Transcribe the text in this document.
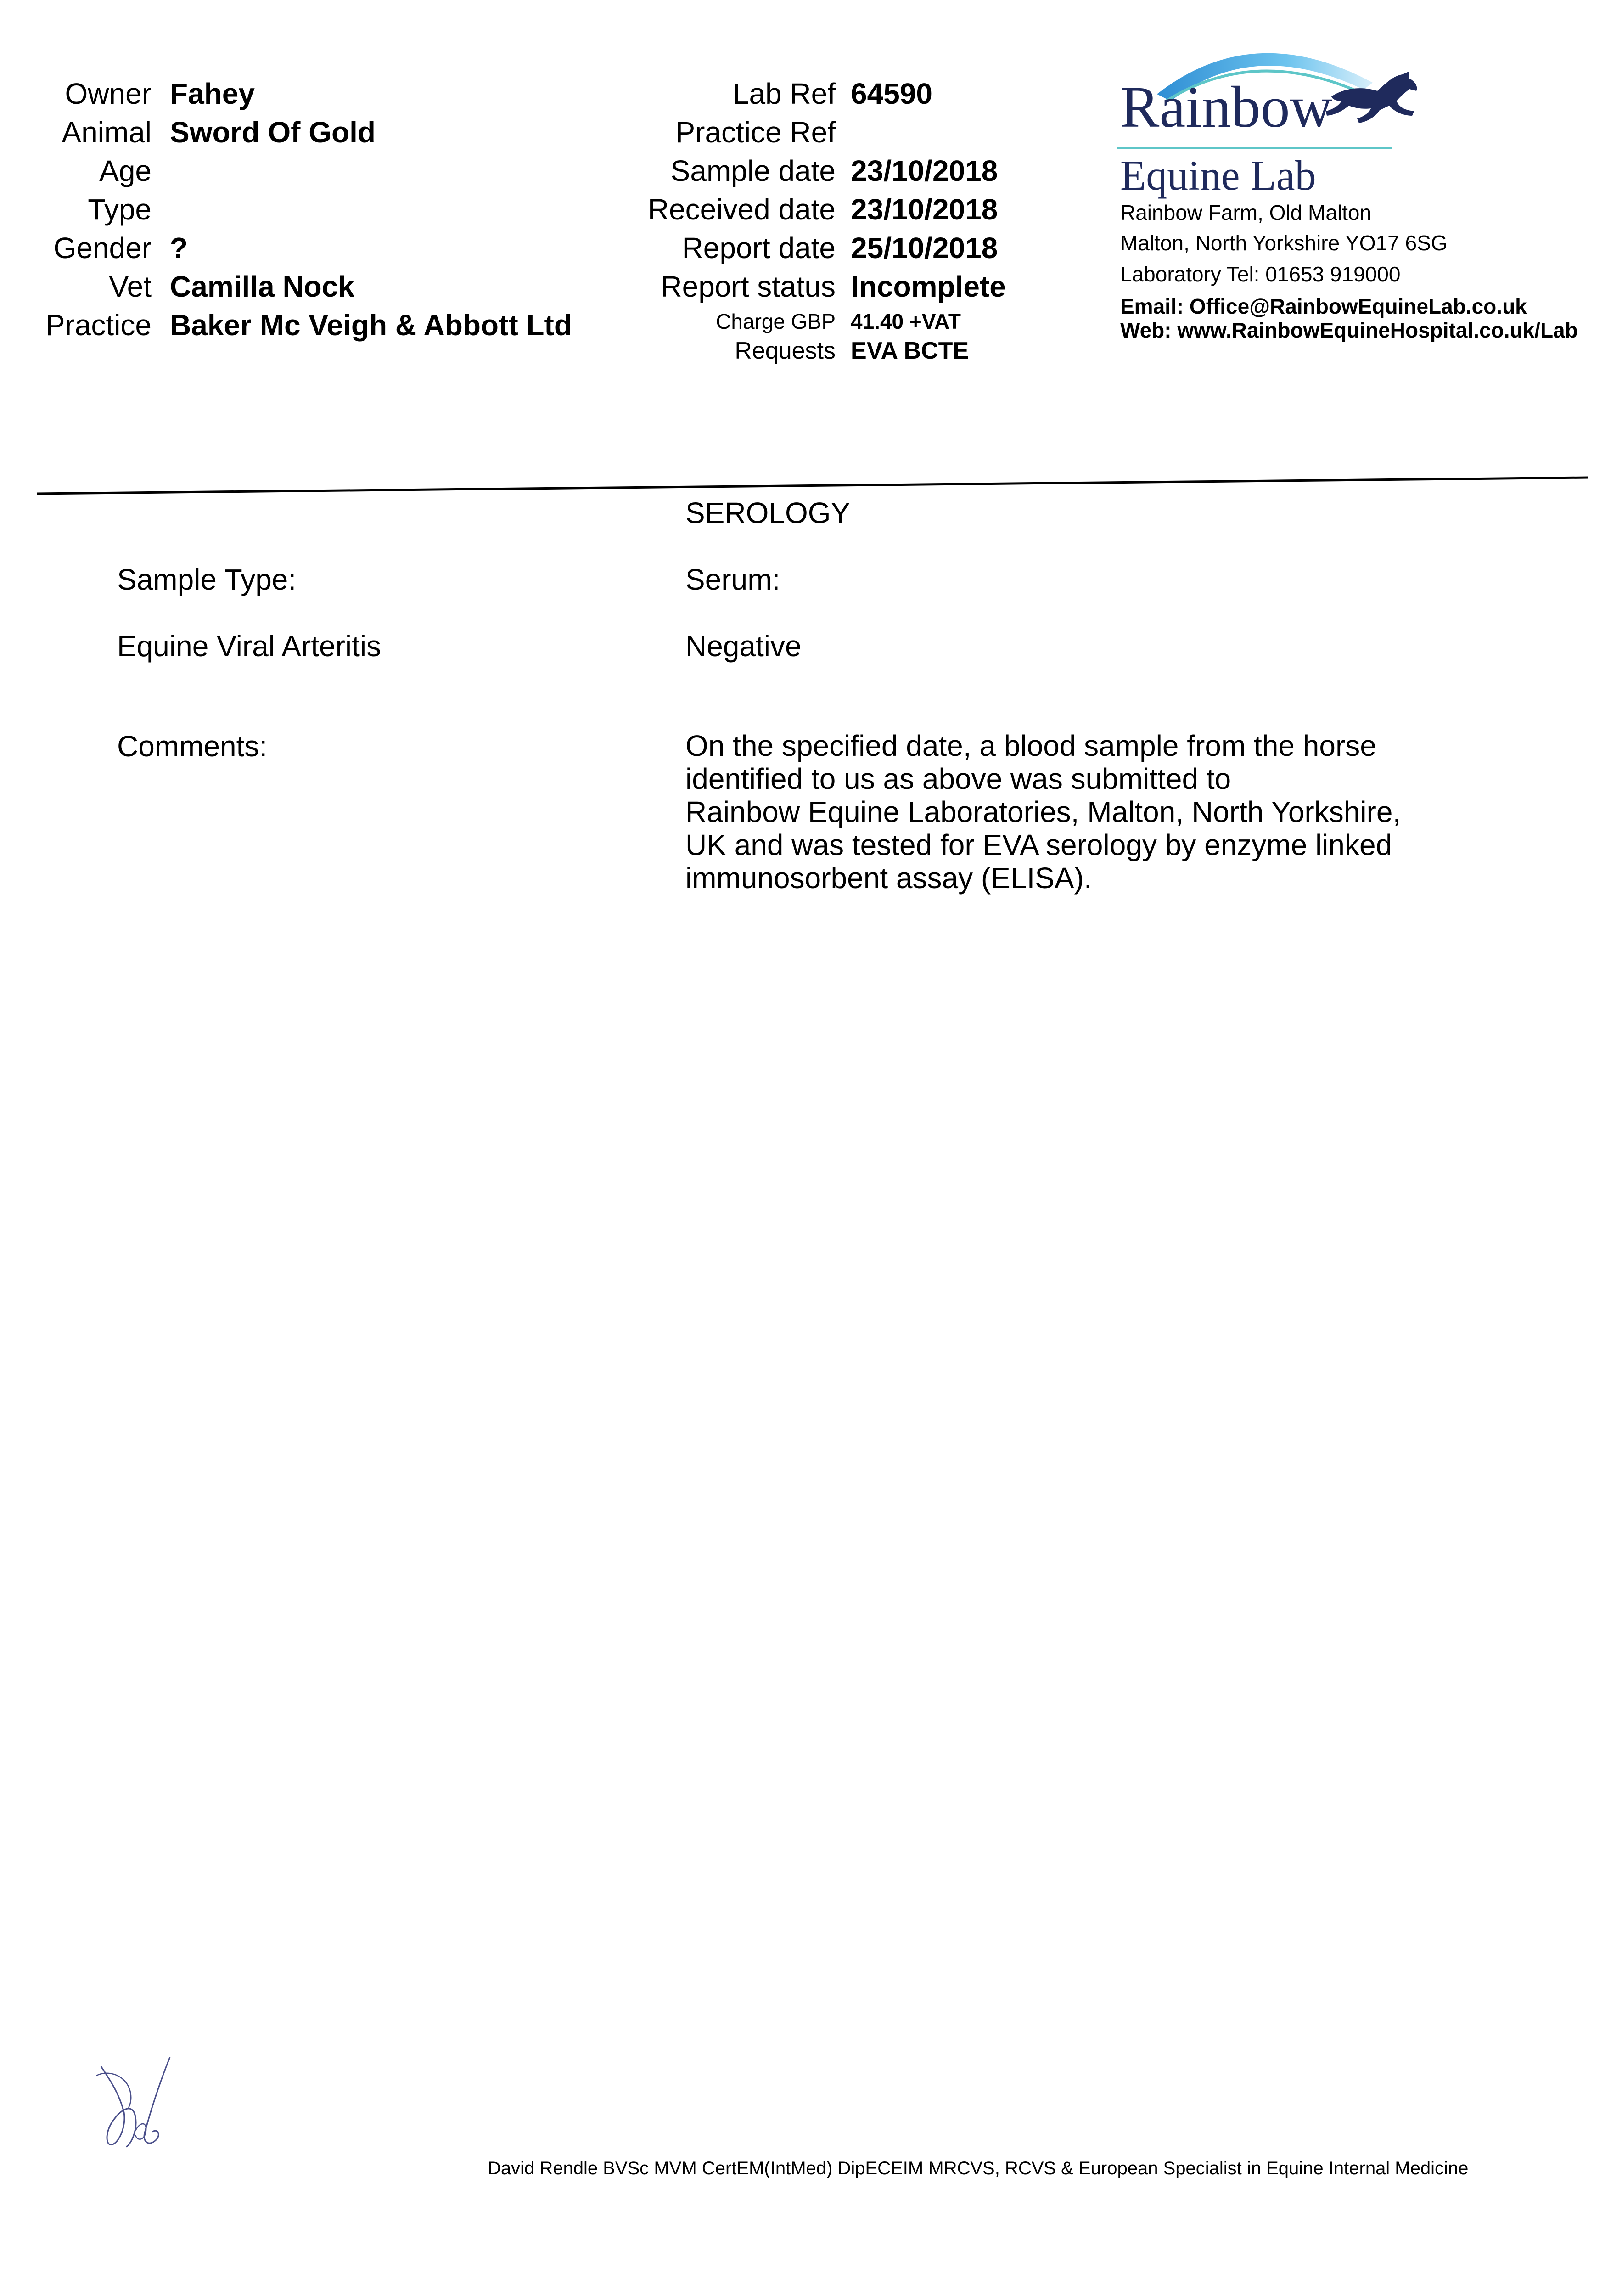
Owner Fahey
Animal Sword Of Gold
Age
Type
Gender ?
Vet Camilla Nock
Practice Baker Mc Veigh & Abbott Ltd
Lab Ref 64590
Practice Ref
Sample date 23/10/2018
Received date 23/10/2018
Report date 25/10/2018
Report status Incomplete
Charge GBP 41.40 +VAT
Requests EVA BCTE
Rainbow
Equine Lab
Rainbow Farm, Old Malton
Malton, North Yorkshire YO17 6SG
Laboratory Tel: 01653 919000
Email: Office@RainbowEquineLab.co.uk
Web: www.RainbowEquineHospital.co.uk/Lab
SEROLOGY
Sample Type:	Serum:
Equine Viral Arteritis	Negative
Comments:	On the specified date, a blood sample from the horse
identified to us as above was submitted to
Rainbow Equine Laboratories, Malton, North Yorkshire,
UK and was tested for EVA serology by enzyme linked
immunosorbent assay (ELISA).
David Rendle BVSc MVM CertEM(IntMed) DipECEIM MRCVS, RCVS & European Specialist in Equine Internal Medicine
